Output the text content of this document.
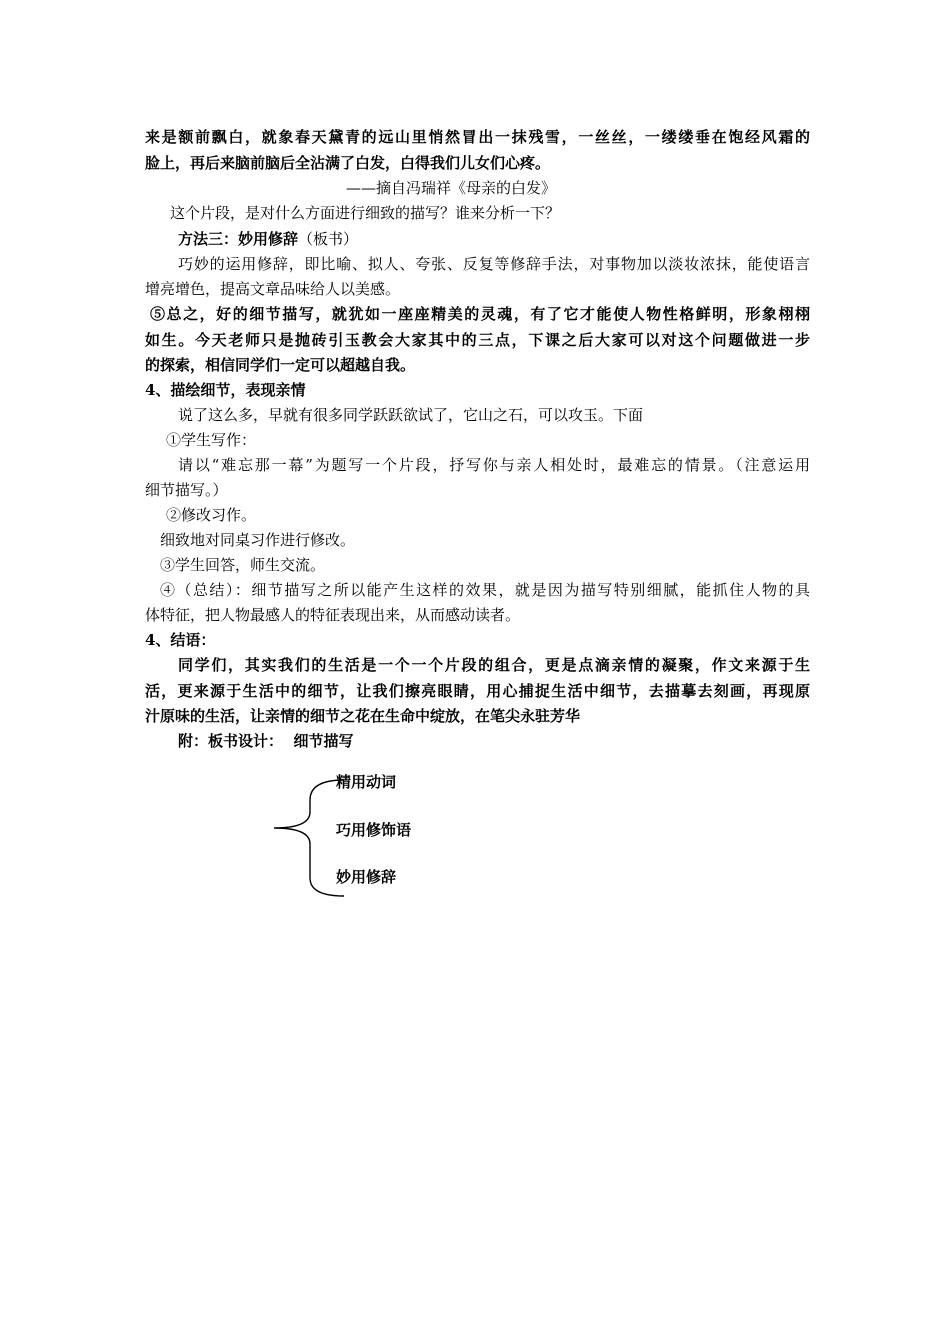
来是额前飘白，就象春天黛青的远山里悄然冒出一抹残雪，一丝丝，一缕缕垂在饱经风霜的
脸上，再后来脑前脑后全沾满了白发，白得我们儿女们心疼。
——摘自冯瑞祥《母亲的白发》
这个片段，是对什么方面进行细致的描写？谁来分析一下？
方法三：妙用修辞（板书）
巧妙的运用修辞，即比喻、拟人、夸张、反复等修辞手法，对事物加以淡妆浓抹，能使语言
增亮增色，提高文章品味给人以美感。
⑤总之，好的细节描写，就犹如一座座精美的灵魂，有了它才能使人物性格鲜明，形象栩栩
如生。今天老师只是抛砖引玉教会大家其中的三点，下课之后大家可以对这个问题做进一步
的探索，相信同学们一定可以超越自我。
4、描绘细节，表现亲情
说了这么多，早就有很多同学跃跃欲试了，它山之石，可以攻玉。下面
①学生写作：
请以“难忘那一幕”为题写一个片段，抒写你与亲人相处时，最难忘的情景。（注意运用
细节描写。）
②修改习作。
细致地对同桌习作进行修改。
③学生回答，师生交流。
④（总结）：细节描写之所以能产生这样的效果，就是因为描写特别细腻，能抓住人物的具
体特征，把人物最感人的特征表现出来，从而感动读者。
4、结语：
同学们，其实我们的生活是一个一个片段的组合，更是点滴亲情的凝聚，作文来源于生
活，更来源于生活中的细节，让我们擦亮眼睛，用心捕捉生活中细节，去描摹去刻画，再现原
汁原味的生活，让亲情的细节之花在生命中绽放，在笔尖永驻芳华
附：板书设计：  细节描写
精用动词
巧用修饰语
妙用修辞
